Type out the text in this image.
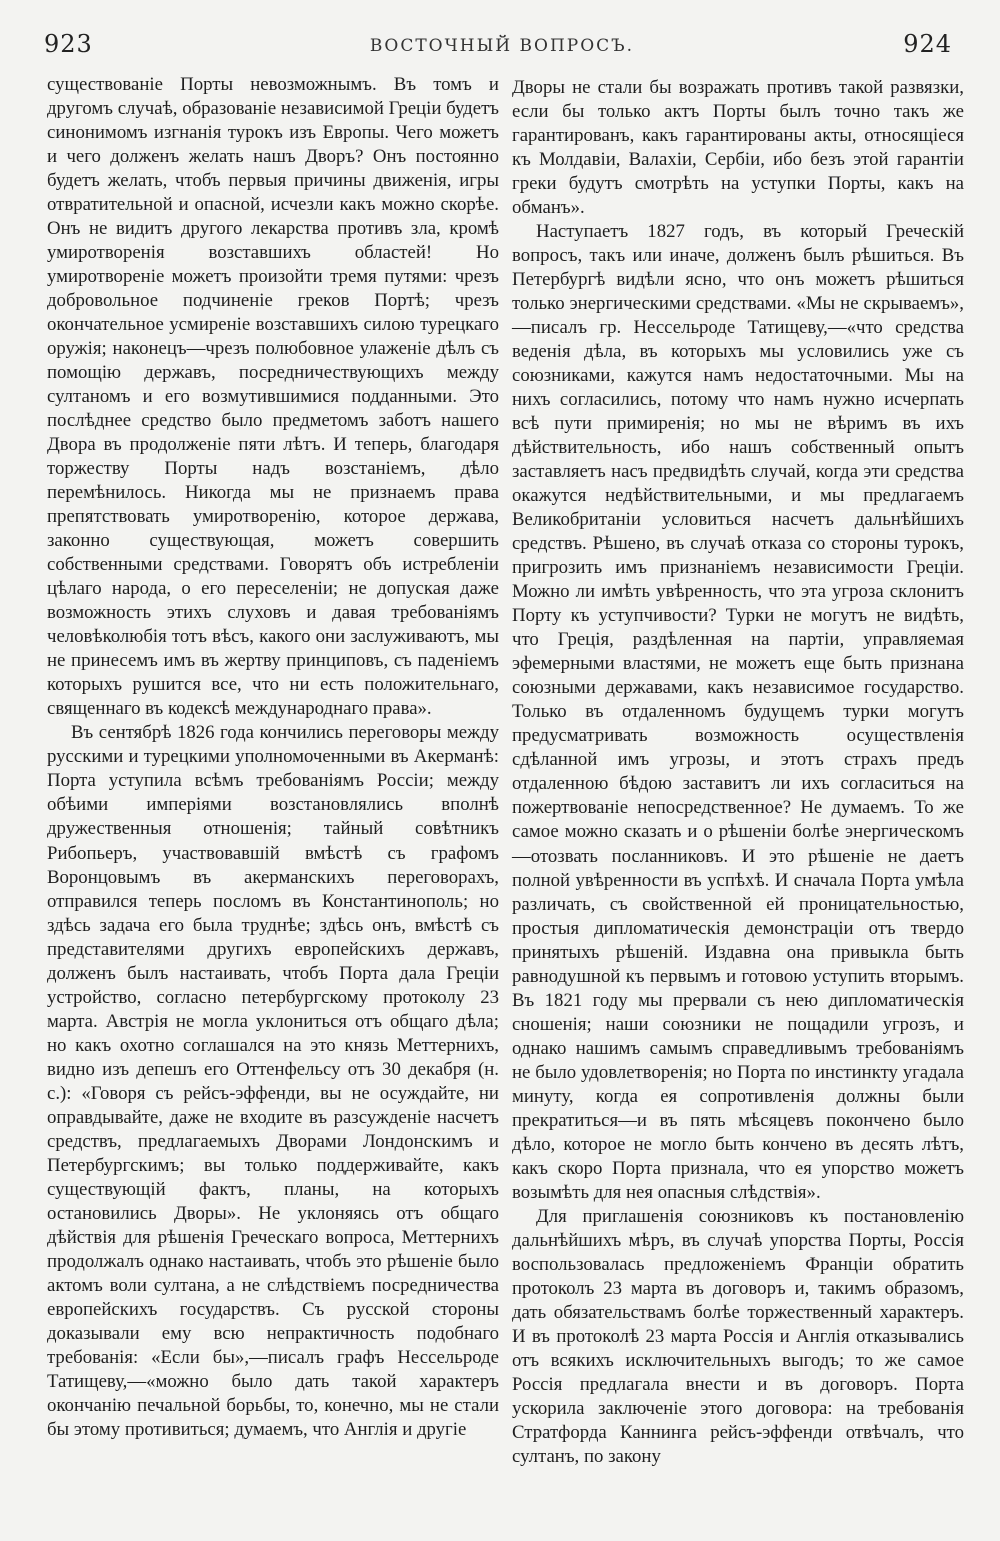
923	ВОСТОЧНЫЙ ВОПРОСЪ.	924

существованіе Порты невозможнымъ. Въ томъ и другомъ случаѣ, образованіе независимой Греціи будетъ синонимомъ изгнанія турокъ изъ Европы. Чего можетъ и чего долженъ желать нашъ Дворъ? Онъ постоянно будетъ желать, чтобъ первыя причины движенія, игры отвратительной и опасной, исчезли какъ можно скорѣе. Онъ не видитъ другого лекарства противъ зла, кромѣ умиротворенія возставшихъ областей! Но умиротвореніе можетъ произойти тремя путями: чрезъ добровольное подчиненіе греков Портѣ; чрезъ окончательное усмиреніе возставшихъ силою турецкаго оружія; наконецъ—чрезъ полюбовное улаженіе дѣлъ съ помощію державъ, посредничествующихъ между султаномъ и его возмутившимися подданными. Это послѣднее средство было предметомъ заботъ нашего Двора въ продолженіе пяти лѣтъ. И теперь, благодаря торжеству Порты надъ возстаніемъ, дѣло перемѣнилось. Никогда мы не признаемъ права препятствовать умиротворенію, которое держава, законно существующая, можетъ совершить собственными средствами. Говорятъ объ истребленіи цѣлаго народа, о его переселеніи; не допуская даже возможность этихъ слуховъ и давая требованіямъ человѣколюбія тотъ вѣсъ, какого они заслуживаютъ, мы не принесемъ имъ въ жертву принциповъ, съ паденіемъ которыхъ рушится все, что ни есть положительнаго, священнаго въ кодексѣ международнаго права».

Въ сентябрѣ 1826 года кончились переговоры между русскими и турецкими уполномоченными въ Акерманѣ: Порта уступила всѣмъ требованіямъ Россіи; между обѣими имперіями возстановлялись вполнѣ дружественныя отношенія; тайный совѣтникъ Рибопьеръ, участвовавшій вмѣстѣ съ графомъ Воронцовымъ въ акерманскихъ переговорахъ, отправился теперь посломъ въ Константинополь; но здѣсь задача его была труднѣе; здѣсь онъ, вмѣстѣ съ представителями другихъ европейскихъ державъ, долженъ былъ настаивать, чтобъ Порта дала Греціи устройство, согласно петербургскому протоколу 23 марта. Австрія не могла уклониться отъ общаго дѣла; но какъ охотно соглашался на это князь Меттернихъ, видно изъ депешъ его Оттенфельсу отъ 30 декабря (н. с.): «Говоря съ рейсъ-эффенди, вы не осуждайте, ни оправдывайте, даже не входите въ разсужденіе насчетъ средствъ, предлагаемыхъ Дворами Лондонскимъ и Петербургскимъ; вы только поддерживайте, какъ существующій фактъ, планы, на которыхъ остановились Дворы». Не уклоняясь отъ общаго дѣйствія для рѣшенія Греческаго вопроса, Меттернихъ продолжалъ однако настаивать, чтобъ это рѣшеніе было актомъ воли султана, а не слѣдствіемъ посредничества европейскихъ государствъ. Съ русской стороны доказывали ему всю непрактичность подобнаго требованія: «Если бы»,—писалъ графъ Нессельроде Татищеву,—«можно было дать такой характеръ окончанію печальной борьбы, то, конечно, мы не стали бы этому противиться; думаемъ, что Англія и другіе

Дворы не стали бы возражать противъ такой развязки, если бы только актъ Порты былъ точно такъ же гарантированъ, какъ гарантированы акты, относящіеся къ Молдавіи, Валахіи, Сербіи, ибо безъ этой гарантіи греки будутъ смотрѣть на уступки Порты, какъ на обманъ».

Наступаетъ 1827 годъ, въ который Греческій вопросъ, такъ или иначе, долженъ былъ рѣшиться. Въ Петербургѣ видѣли ясно, что онъ можетъ рѣшиться только энергическими средствами. «Мы не скрываемъ»,—писалъ гр. Нессельроде Татищеву,—«что средства веденія дѣла, въ которыхъ мы условились уже съ союзниками, кажутся намъ недостаточными. Мы на нихъ согласились, потому что намъ нужно исчерпать всѣ пути примиренія; но мы не вѣримъ въ ихъ дѣйствительность, ибо нашъ собственный опытъ заставляетъ насъ предвидѣть случай, когда эти средства окажутся недѣйствительными, и мы предлагаемъ Великобританіи условиться насчетъ дальнѣйшихъ средствъ. Рѣшено, въ случаѣ отказа со стороны турокъ, пригрозить имъ признаніемъ независимости Греціи. Можно ли имѣть увѣренность, что эта угроза склонитъ Порту къ уступчивости? Турки не могутъ не видѣть, что Греція, раздѣленная на партіи, управляемая эфемерными властями, не можетъ еще быть признана союзными державами, какъ независимое государство. Только въ отдаленномъ будущемъ турки могутъ предусматривать возможность осуществленія сдѣланной имъ угрозы, и этотъ страхъ предъ отдаленною бѣдою заставитъ ли ихъ согласиться на пожертвованіе непосредственное? Не думаемъ. То же самое можно сказать и о рѣшеніи болѣе энергическомъ—отозвать посланниковъ. И это рѣшеніе не даетъ полной увѣренности въ успѣхѣ. И сначала Порта умѣла различать, съ свойственной ей проницательностью, простыя дипломатическія демонстраціи отъ твердо принятыхъ рѣшеній. Издавна она привыкла быть равнодушной къ первымъ и готовою уступить вторымъ. Въ 1821 году мы прервали съ нею дипломатическія сношенія; наши союзники не пощадили угрозъ, и однако нашимъ самымъ справедливымъ требованіямъ не было удовлетворенія; но Порта по инстинкту угадала минуту, когда ея сопротивленія должны были прекратиться—и въ пять мѣсяцевъ покончено было дѣло, которое не могло быть кончено въ десять лѣтъ, какъ скоро Порта признала, что ея упорство можетъ возымѣть для нея опасныя слѣдствія».

Для приглашенія союзниковъ къ постановленію дальнѣйшихъ мѣръ, въ случаѣ упорства Порты, Россія воспользовалась предложеніемъ Франціи обратить протоколъ 23 марта въ договоръ и, такимъ образомъ, дать обязательствамъ болѣе торжественный характеръ. И въ протоколѣ 23 марта Россія и Англія отказывались отъ всякихъ исключительныхъ выгодъ; то же самое Россія предлагала внести и въ договоръ. Порта ускорила заключеніе этого договора: на требованія Стратфорда Каннинга рейсъ-эффенди отвѣчалъ, что султанъ, по закону
